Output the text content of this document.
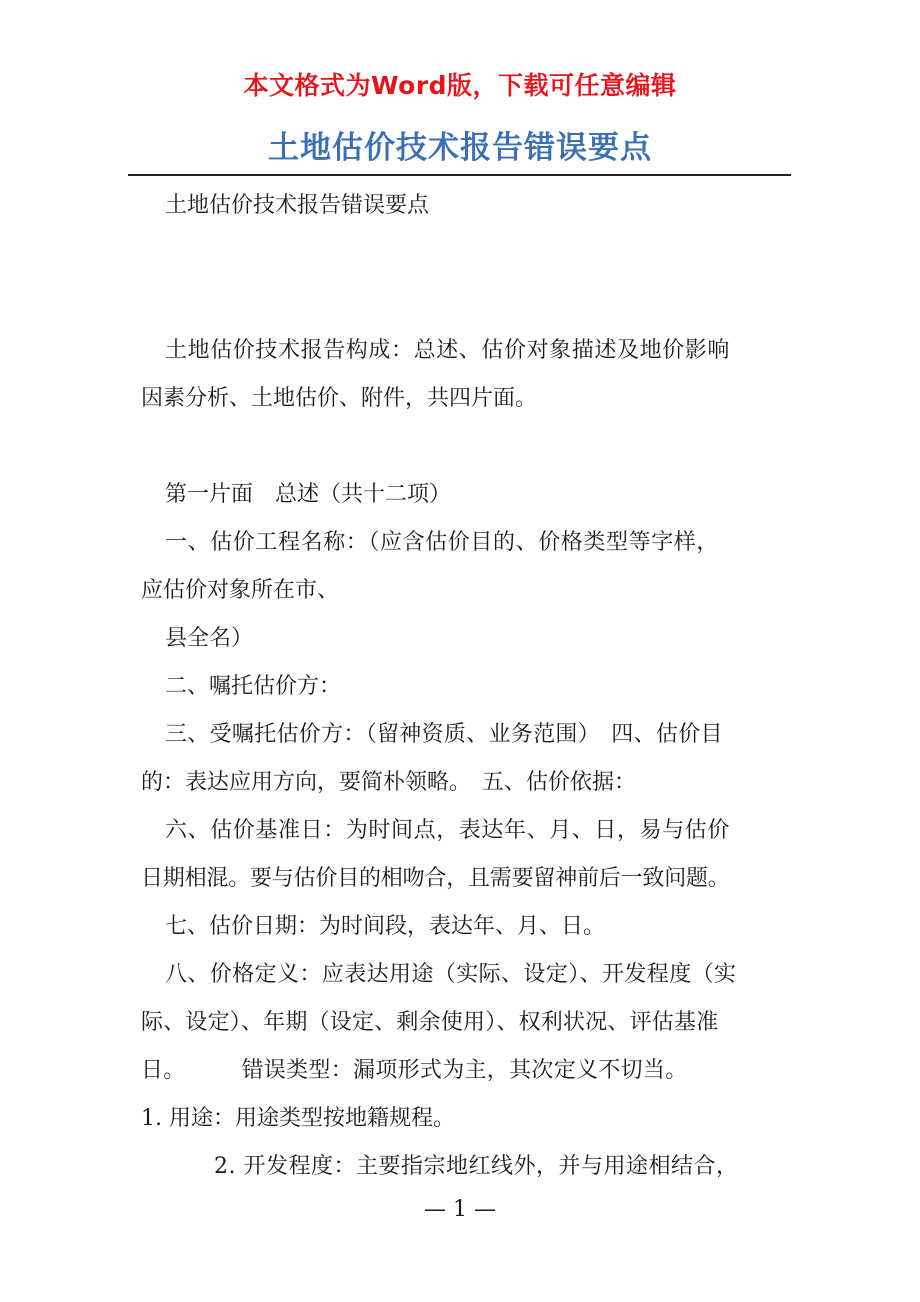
本文格式为Word版，下载可任意编辑
土地估价技术报告错误要点
土地估价技术报告错误要点
土地估价技术报告构成：总述、估价对象描述及地价影响
因素分析、土地估价、附件，共四片面。
第一片面　总述（共十二项）
一、估价工程名称：（应含估价目的、价格类型等字样，
应估价对象所在市、
县全名）
二、嘱托估价方：
三、受嘱托估价方：（留神资质、业务范围）　四、估价目
的：表达应用方向，要简朴领略。　五、估价依据：
六、估价基准日：为时间点，表达年、月、日，易与估价
日期相混。要与估价目的相吻合，且需要留神前后一致问题。
七、估价日期：为时间段，表达年、月、日。
八、价格定义：应表达用途（实际、设定）、开发程度（实
际、设定）、年期（设定、剩余使用）、权利状况、评估基准
日。　　　错误类型：漏项形式为主，其次定义不切当。
1. 用途：用途类型按地籍规程。
2. 开发程度：主要指宗地红线外，并与用途相结合，
— 1 —
